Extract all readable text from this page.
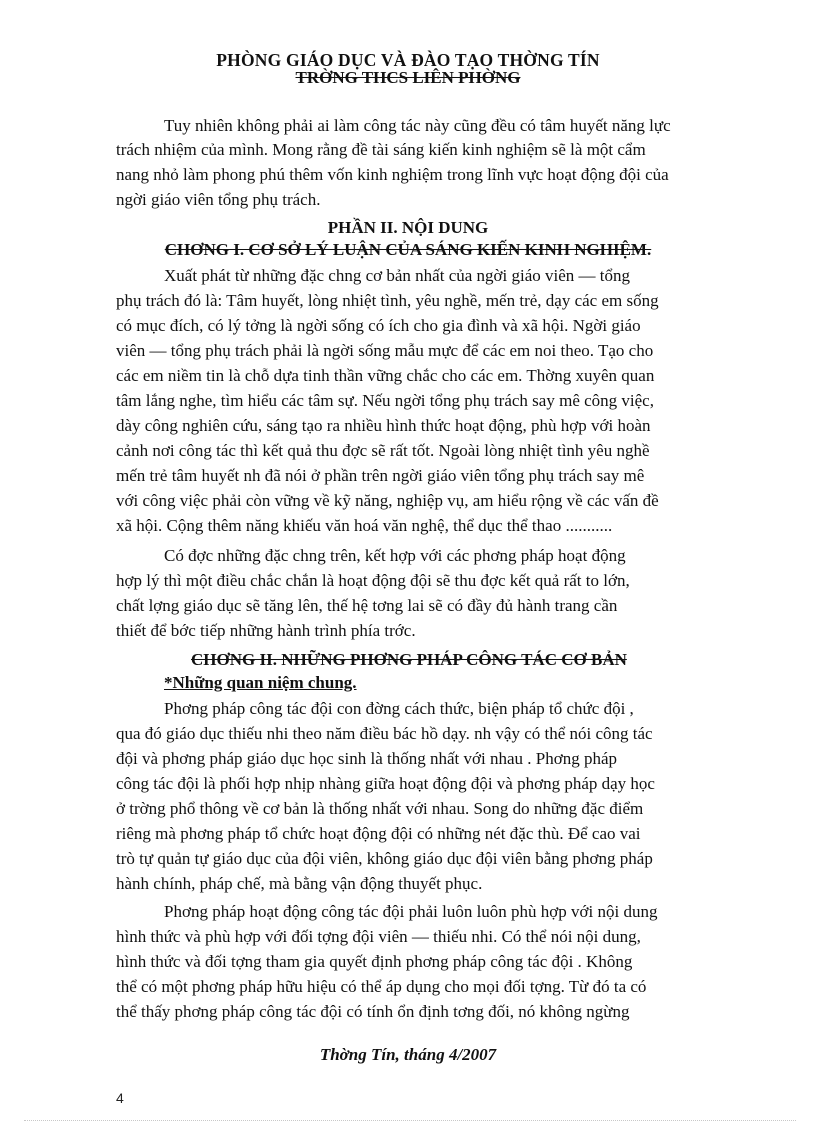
PHÒNG GIÁO DỤC VÀ ĐÀO TẠO THỜNG TÍN
TRỜNG THCS LIÊN PHỜNG
Tuy nhiên không phải ai làm công tác này cũng đều có tâm huyết năng lực
trách nhiệm của mình. Mong rằng đề tài sáng kiến kinh nghiệm sẽ là một cẩm
nang nhỏ làm phong phú thêm vốn kinh nghiệm trong lĩnh vực hoạt động đội của
ngời giáo viên tổng phụ trách.
PHẦN II. NỘI DUNG
CHƠNG I. CƠ SỞ LÝ LUẬN CỦA SÁNG KIẾN KINH NGHIỆM.
Xuất phát từ những đặc chng cơ bản nhất của ngời giáo viên — tổng
phụ trách đó là: Tâm huyết, lòng nhiệt tình, yêu nghề, mến trẻ, dạy các em sống
có mục đích, có lý tởng là ngời sống có ích cho gia đình và xã hội. Ngời giáo
viên — tổng phụ trách phải là ngời sống mẫu mực để các em noi theo. Tạo cho
các em niềm tin là chỗ dựa tinh thần vững chắc cho các em. Thờng xuyên quan
tâm lắng nghe, tìm hiểu các tâm sự. Nếu ngời tổng phụ trách say mê công việc,
dày công nghiên cứu, sáng tạo ra nhiều hình thức hoạt động, phù hợp với hoàn
cảnh nơi công tác thì kết quả thu đợc sẽ rất tốt. Ngoài lòng nhiệt tình yêu nghề
mến trẻ tâm huyết nh đã nói ở phần trên ngời giáo viên tổng phụ trách say mê
với công việc phải còn vững về kỹ năng, nghiệp vụ, am hiểu rộng về các vấn đề
xã hội. Cộng thêm năng khiếu văn hoá văn nghệ, thể dục thể thao ...........
Có đợc những đặc chng trên, kết hợp với các phơng pháp hoạt động
hợp lý thì một điều chắc chắn là hoạt động đội sẽ thu đợc kết quả rất to lớn,
chất lợng giáo dục sẽ tăng lên, thế hệ tơng lai sẽ có đầy đủ hành trang cần
thiết để bớc tiếp những hành trình phía trớc.
CHƠNG II. NHỮNG PHƠNG PHÁP CÔNG TÁC CƠ BẢN
*Những quan niệm chung.
Phơng pháp công tác đội con đờng cách thức, biện pháp tổ chức đội ,
qua đó giáo dục thiếu nhi theo năm điều bác hồ dạy. nh vậy có thể nói công tác
đội và phơng pháp giáo dục học sinh là thống nhất với nhau . Phơng pháp
công tác đội là phối hợp nhịp nhàng giữa hoạt động đội và phơng pháp dạy học
ở trờng phổ thông về cơ bản là thống nhất với nhau. Song do những đặc điểm
riêng mà phơng pháp tổ chức hoạt động đội có những nét đặc thù. Để cao vai
trò tự quản tự giáo dục của đội viên, không giáo dục đội viên bằng phơng pháp
hành chính, pháp chế, mà bằng vận động thuyết phục.
Phơng pháp hoạt động công tác đội phải luôn luôn phù hợp với nội dung
hình thức và phù hợp với đối tợng đội viên — thiếu nhi. Có thể nói nội dung,
hình thức và đối tợng tham gia quyết định phơng pháp công tác đội . Không
thể có một phơng pháp hữu hiệu có thể áp dụng cho mọi đối tợng. Từ đó ta có
thể thấy phơng pháp công tác đội có tính ổn định tơng đối, nó không ngừng
Thờng Tín, tháng 4/2007
4
